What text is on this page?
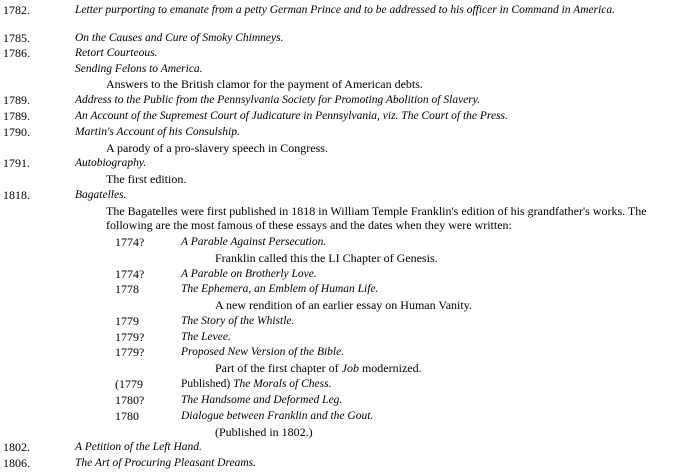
1782.	Letter purporting to emanate from a petty German Prince and to be addressed to his officer in Command in America.
1785.	On the Causes and Cure of Smoky Chimneys.
1786.	Retort Courteous.
Sending Felons to America.
Answers to the British clamor for the payment of American debts.
1789.	Address to the Public from the Pennsylvania Society for Promoting Abolition of Slavery.
1789.	An Account of the Supremest Court of Judicature in Pennsylvania, viz. The Court of the Press.
1790.	Martin's Account of his Consulship.
A parody of a pro-slavery speech in Congress.
1791.	Autobiography.
The first edition.
1818.	Bagatelles.
The Bagatelles were first published in 1818 in William Temple Franklin's edition of his grandfather's works. The following are the most famous of these essays and the dates when they were written:
1774?	A Parable Against Persecution.
Franklin called this the LI Chapter of Genesis.
1774?	A Parable on Brotherly Love.
1778	The Ephemera, an Emblem of Human Life.
A new rendition of an earlier essay on Human Vanity.
1779	The Story of the Whistle.
1779?	The Levee.
1779?	Proposed New Version of the Bible.
Part of the first chapter of Job modernized.
(1779	Published) The Morals of Chess.
1780?	The Handsome and Deformed Leg.
1780	Dialogue between Franklin and the Gout.
(Published in 1802.)
1802.	A Petition of the Left Hand.
1806.	The Art of Procuring Pleasant Dreams.
